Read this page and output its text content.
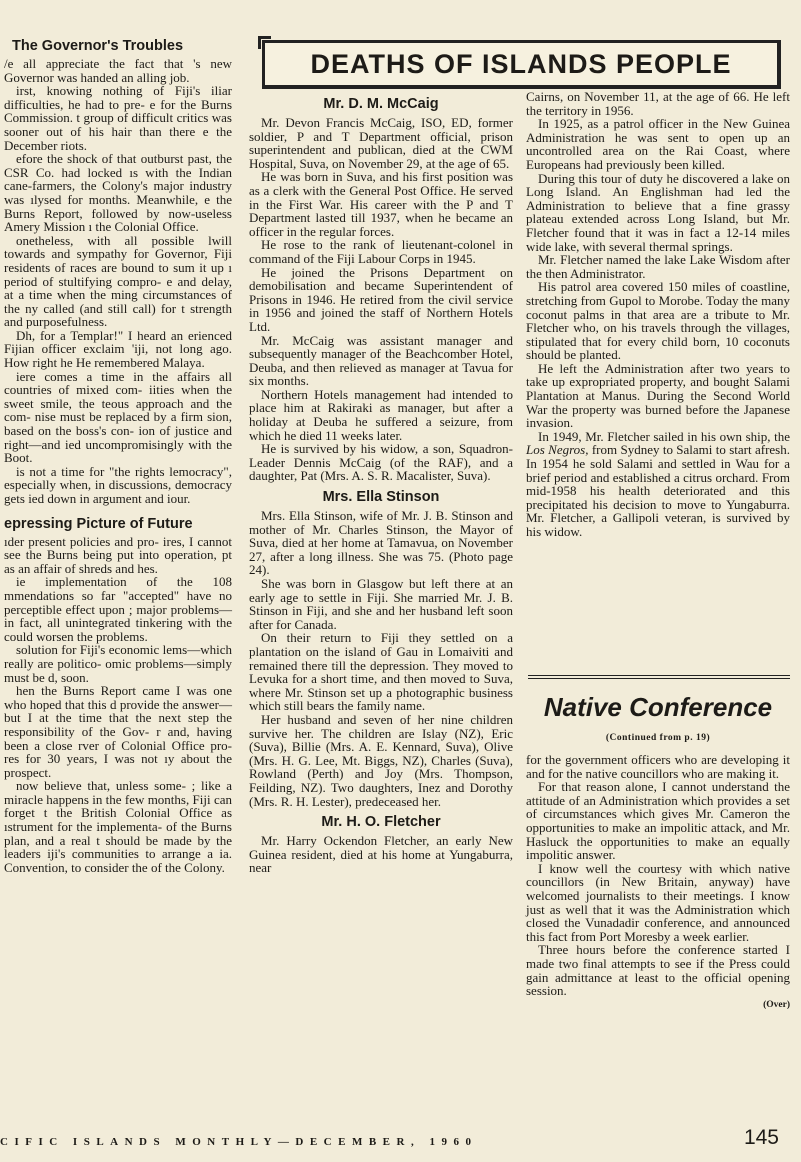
The Governor's Troubles

/e all appreciate the fact that 's new Governor was handed an alling job.

irst, knowing nothing of Fiji's iliar difficulties, he had to pre- e for the Burns Commission. t group of difficult critics was sooner out of his hair than there e the December riots.

efore the shock of that outburst past, the CSR Co. had locked ıs with the Indian cane-farmers, the Colony's major industry was ılysed for months. Meanwhile, e the Burns Report, followed by now-useless Amery Mission ı the Colonial Office.

onetheless, with all possible lwill towards and sympathy for Governor, Fiji residents of races are bound to sum it up ı period of stultifying compro- e and delay, at a time when the ming circumstances of the ny called (and still call) for t strength and purposefulness.

Dh, for a Templar!" I heard an erienced Fijian officer exclaim 'iji, not long ago. How right he He remembered Malaya.

iere comes a time in the affairs all countries of mixed com- iities when the sweet smile, the teous approach and the com- nise must be replaced by a firm sion, based on the boss's con- ion of justice and right—and ied uncompromisingly with the Boot.

is not a time for "the rights lemocracy", especially when, in discussions, democracy gets ied down in argument and iour.

epressing Picture of Future

ıder present policies and pro- ires, I cannot see the Burns being put into operation, pt as an affair of shreds and hes.

ie implementation of the 108 mmendations so far "accepted" have no perceptible effect upon ; major problems—in fact, all unintegrated tinkering with the could worsen the problems.

solution for Fiji's economic lems—which really are politico- omic problems—simply must be d, soon.

hen the Burns Report came I was one who hoped that this d provide the answer—but I at the time that the next step the responsibility of the Gov- r and, having been a close rver of Colonial Office pro- res for 30 years, I was not ıy about the prospect.

now believe that, unless some- ; like a miracle happens in the few months, Fiji can forget t the British Colonial Office as ıstrument for the implementa- of the Burns plan, and a real t should be made by the leaders iji's communities to arrange a ia. Convention, to consider the of the Colony.

DEATHS OF ISLANDS PEOPLE
Mr. D. M. McCaig

Mr. Devon Francis McCaig, ISO, ED, former soldier, P and T Department official, prison superintendent and publican, died at the CWM Hospital, Suva, on November 29, at the age of 65.

He was born in Suva, and his first position was as a clerk with the General Post Office. He served in the First War. His career with the P and T Department lasted till 1937, when he became an officer in the regular forces.

He rose to the rank of lieutenant-colonel in command of the Fiji Labour Corps in 1945.

He joined the Prisons Department on demobilisation and became Superintendent of Prisons in 1946. He retired from the civil service in 1956 and joined the staff of Northern Hotels Ltd.

Mr. McCaig was assistant manager and subsequently manager of the Beachcomber Hotel, Deuba, and then relieved as manager at Tavua for six months.

Northern Hotels management had intended to place him at Rakiraki as manager, but after a holiday at Deuba he suffered a seizure, from which he died 11 weeks later.

He is survived by his widow, a son, Squadron-Leader Dennis McCaig (of the RAF), and a daughter, Pat (Mrs. A. S. R. Macalister, Suva).

Mrs. Ella Stinson

Mrs. Ella Stinson, wife of Mr. J. B. Stinson and mother of Mr. Charles Stinson, the Mayor of Suva, died at her home at Tamavua, on November 27, after a long illness. She was 75. (Photo page 24).

She was born in Glasgow but left there at an early age to settle in Fiji. She married Mr. J. B. Stinson in Fiji, and she and her husband left soon after for Canada.

On their return to Fiji they settled on a plantation on the island of Gau in Lomaiviti and remained there till the depression. They moved to Levuka for a short time, and then moved to Suva, where Mr. Stinson set up a photographic business which still bears the family name.

Her husband and seven of her nine children survive her. The children are Islay (NZ), Eric (Suva), Billie (Mrs. A. E. Kennard, Suva), Olive (Mrs. H. G. Lee, Mt. Biggs, NZ), Charles (Suva), Rowland (Perth) and Joy (Mrs. Thompson, Feilding, NZ). Two daughters, Inez and Dorothy (Mrs. R. H. Lester), predeceased her.

Mr. H. O. Fletcher

Mr. Harry Ockendon Fletcher, an early New Guinea resident, died at his home at Yungaburra, near

Cairns, on November 11, at the age of 66. He left the territory in 1956.

In 1925, as a patrol officer in the New Guinea Administration he was sent to open up an uncontrolled area on the Rai Coast, where Europeans had previously been killed.

During this tour of duty he discovered a lake on Long Island. An Englishman had led the Administration to believe that a fine grassy plateau extended across Long Island, but Mr. Fletcher found that it was in fact a 12-14 miles wide lake, with several thermal springs.

Mr. Fletcher named the lake Lake Wisdom after the then Administrator.

His patrol area covered 150 miles of coastline, stretching from Gupol to Morobe. Today the many coconut palms in that area are a tribute to Mr. Fletcher who, on his travels through the villages, stipulated that for every child born, 10 coconuts should be planted.

He left the Administration after two years to take up expropriated property, and bought Salami Plantation at Manus. During the Second World War the property was burned before the Japanese invasion.

In 1949, Mr. Fletcher sailed in his own ship, the Los Negros, from Sydney to Salami to start afresh. In 1954 he sold Salami and settled in Wau for a brief period and established a citrus orchard. From mid-1958 his health deteriorated and this precipitated his decision to move to Yungaburra. Mr. Fletcher, a Gallipoli veteran, is survived by his widow.

Native Conference
(Continued from p. 19)

for the government officers who are developing it and for the native councillors who are making it.

For that reason alone, I cannot understand the attitude of an Administration which provides a set of circumstances which gives Mr. Cameron the opportunities to make an impolitic attack, and Mr. Hasluck the opportunities to make an equally impolitic answer.

I know well the courtesy with which native councillors (in New Britain, anyway) have welcomed journalists to their meetings. I know just as well that it was the Administration which closed the Vunadadir conference, and announced this fact from Port Moresby a week earlier.

Three hours before the conference started I made two final attempts to see if the Press could gain admittance at least to the official opening session.

(Over)
CIFIC ISLANDS MONTHLY—DECEMBER, 1960	145
